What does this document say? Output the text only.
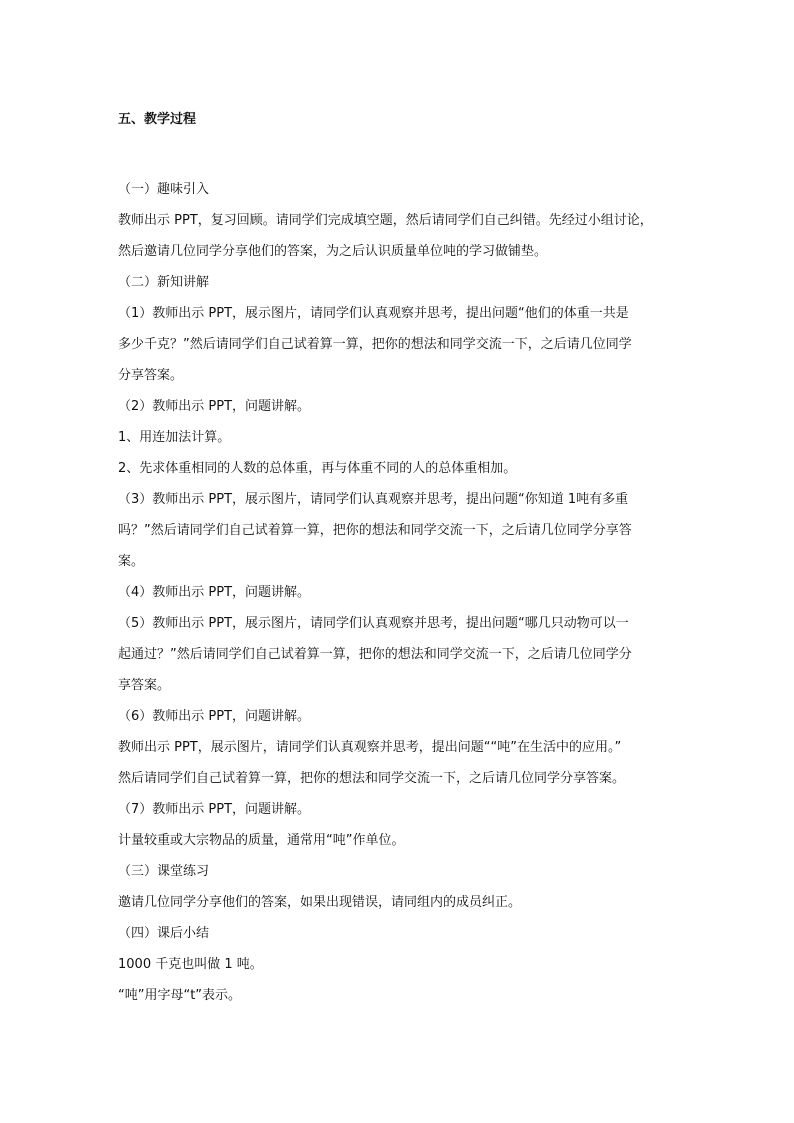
五、教学过程

（一）趣味引入

教师出示 PPT，复习回顾。请同学们完成填空题，然后请同学们自己纠错。先经过小组讨论，

然后邀请几位同学分享他们的答案，为之后认识质量单位吨的学习做铺垫。

（二）新知讲解

（1）教师出示 PPT，展示图片，请同学们认真观察并思考，提出问题“他们的体重一共是

多少千克？”然后请同学们自己试着算一算，把你的想法和同学交流一下，之后请几位同学

分享答案。

（2）教师出示 PPT，问题讲解。

1、用连加法计算。

2、先求体重相同的人数的总体重，再与体重不同的人的总体重相加。

（3）教师出示 PPT，展示图片，请同学们认真观察并思考，提出问题“你知道 1吨有多重

吗？”然后请同学们自己试着算一算，把你的想法和同学交流一下，之后请几位同学分享答

案。

（4）教师出示 PPT，问题讲解。

（5）教师出示 PPT，展示图片，请同学们认真观察并思考，提出问题“哪几只动物可以一

起通过？”然后请同学们自己试着算一算，把你的想法和同学交流一下，之后请几位同学分

享答案。

（6）教师出示 PPT，问题讲解。

教师出示 PPT，展示图片，请同学们认真观察并思考，提出问题““吨”在生活中的应用。”

然后请同学们自己试着算一算，把你的想法和同学交流一下，之后请几位同学分享答案。

（7）教师出示 PPT，问题讲解。

计量较重或大宗物品的质量，通常用“吨”作单位。

（三）课堂练习

邀请几位同学分享他们的答案，如果出现错误，请同组内的成员纠正。

（四）课后小结

1000 千克也叫做 1 吨。

“吨”用字母“t”表示。
